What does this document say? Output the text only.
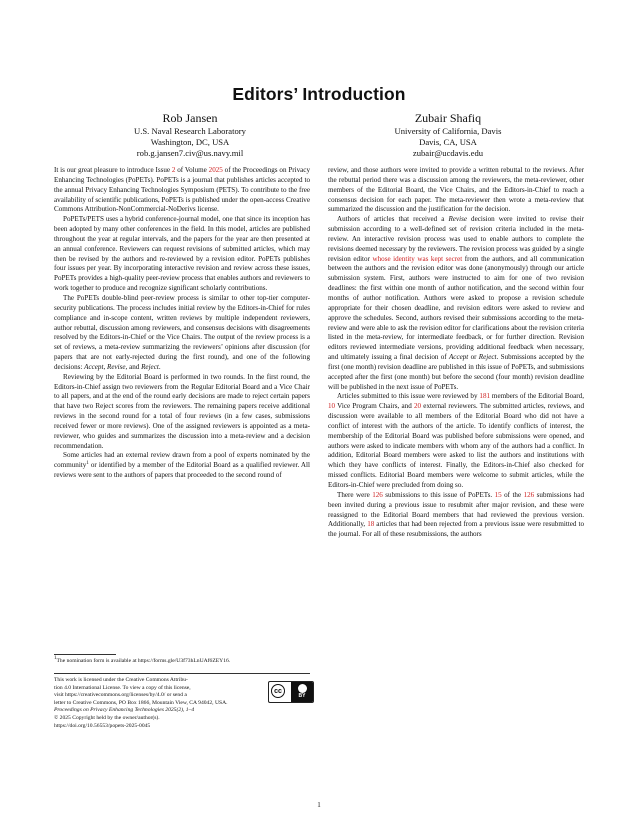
Editors’ Introduction
Rob Jansen
U.S. Naval Research Laboratory
Washington, DC, USA
rob.g.jansen7.civ@us.navy.mil
Zubair Shafiq
University of California, Davis
Davis, CA, USA
zubair@ucdavis.edu

It is our great pleasure to introduce Issue 2 of Volume 2025 of the Proceedings on Privacy Enhancing Technologies (PoPETs). PoPETs is a journal that publishes articles accepted to the annual Privacy Enhancing Technologies Symposium (PETS). To contribute to the free availability of scientific publications, PoPETs is published under the open-access Creative Commons Attribution-NonCommercial-NoDerivs license.

PoPETs/PETS uses a hybrid conference-journal model, one that since its inception has been adopted by many other conferences in the field. In this model, articles are published throughout the year at regular intervals, and the papers for the year are then presented at an annual conference. Reviewers can request revisions of submitted articles, which may then be revised by the authors and re-reviewed by a revision editor. PoPETs publishes four issues per year. By incorporating interactive revision and review across these issues, PoPETs provides a high-quality peer-review process that enables authors and reviewers to work together to produce and recognize significant scholarly contributions.

The PoPETs double-blind peer-review process is similar to other top-tier computer-security publications. The process includes initial review by the Editors-in-Chief for rules compliance and in-scope content, written reviews by multiple independent reviewers, author rebuttal, discussion among reviewers, and consensus decisions with disagreements resolved by the Editors-in-Chief or the Vice Chairs. The output of the review process is a set of reviews, a meta-review summarizing the reviewers’ opinions after discussion (for papers that are not early-rejected during the first round), and one of the following decisions: Accept, Revise, and Reject.

Reviewing by the Editorial Board is performed in two rounds. In the first round, the Editors-in-Chief assign two reviewers from the Regular Editorial Board and a Vice Chair to all papers, and at the end of the round early decisions are made to reject certain papers that have two Reject scores from the reviewers. The remaining papers receive additional reviews in the second round for a total of four reviews (in a few cases, submissions received fewer or more reviews). One of the assigned reviewers is appointed as a meta-reviewer, who guides and summarizes the discussion into a meta-review and a decision recommendation.

Some articles had an external review drawn from a pool of experts nominated by the community$^1$ or identified by a member of the Editorial Board as a qualified reviewer. All reviews were sent to the authors of papers that proceeded to the second round of

review, and those authors were invited to provide a written rebuttal to the reviews. After the rebuttal period there was a discussion among the reviewers, the meta-reviewer, other members of the Editorial Board, the Vice Chairs, and the Editors-in-Chief to reach a consensus decision for each paper. The meta-reviewer then wrote a meta-review that summarized the discussion and the justification for the decision.

Authors of articles that received a Revise decision were invited to revise their submission according to a well-defined set of revision criteria included in the meta-review. An interactive revision process was used to enable authors to complete the revisions deemed necessary by the reviewers. The revision process was guided by a single revision editor whose identity was kept secret from the authors, and all communication between the authors and the revision editor was done (anonymously) through our article submission system. First, authors were instructed to aim for one of two revision deadlines: the first within one month of author notification, and the second within four months of author notification. Authors were asked to propose a revision schedule appropriate for their chosen deadline, and revision editors were asked to review and approve the schedules. Second, authors revised their submissions according to the meta-review and were able to ask the revision editor for clarifications about the revision criteria listed in the meta-review, for intermediate feedback, or for further direction. Revision editors reviewed intermediate versions, providing additional feedback when necessary, and ultimately issuing a final decision of Accept or Reject. Submissions accepted by the first (one month) revision deadline are published in this issue of PoPETs, and submissions accepted after the first (one month) but before the second (four month) revision deadline will be published in the next issue of PoPETs.

Articles submitted to this issue were reviewed by 181 members of the Editorial Board, 10 Vice Program Chairs, and 20 external reviewers. The submitted articles, reviews, and discussion were available to all members of the Editorial Board who did not have a conflict of interest with the authors of the article. To identify conflicts of interest, the membership of the Editorial Board was published before submissions were opened, and authors were asked to indicate members with whom any of the authors had a conflict. In addition, Editorial Board members were asked to list the authors and institutions with which they have conflicts of interest. Finally, the Editors-in-Chief also checked for missed conflicts. Editorial Board members were welcome to submit articles, while the Editors-in-Chief were precluded from doing so.

There were 126 submissions to this issue of PoPETs. 15 of the 126 submissions had been invited during a previous issue to resubmit after major revision, and these were reassigned to the Editorial Board members that had reviewed the previous version. Additionally, 18 articles that had been rejected from a previous issue were resubmitted to the journal. For all of these resubmissions, the authors

$^1$The nomination form is available at https://forms.gle/U3f73hLnUAf6ZEY16.
This work is licensed under the Creative Commons Attribu-
tion 4.0 International License. To view a copy of this license,
visit https://creativecommons.org/licenses/by/4.0/ or send a
letter to Creative Commons, PO Box 1866, Mountain View, CA 94042, USA.
Proceedings on Privacy Enhancing Technologies 2025(2), 1–4
© 2025 Copyright held by the owner/author(s).
https://doi.org/10.56553/popets-2025-0045
cc
BY
1
